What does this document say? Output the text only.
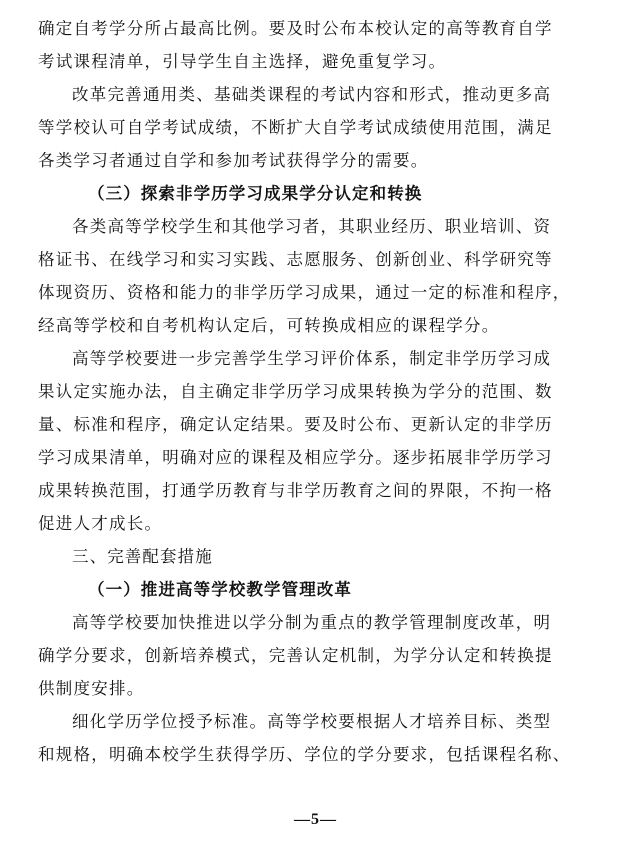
确定自考学分所占最高比例。要及时公布本校认定的高等教育自学
考试课程清单，引导学生自主选择，避免重复学习。
改革完善通用类、基础类课程的考试内容和形式，推动更多高
等学校认可自学考试成绩，不断扩大自学考试成绩使用范围，满足
各类学习者通过自学和参加考试获得学分的需要。
（三）探索非学历学习成果学分认定和转换
各类高等学校学生和其他学习者，其职业经历、职业培训、资
格证书、在线学习和实习实践、志愿服务、创新创业、科学研究等
体现资历、资格和能力的非学历学习成果，通过一定的标准和程序，
经高等学校和自考机构认定后，可转换成相应的课程学分。
高等学校要进一步完善学生学习评价体系，制定非学历学习成
果认定实施办法，自主确定非学历学习成果转换为学分的范围、数
量、标准和程序，确定认定结果。要及时公布、更新认定的非学历
学习成果清单，明确对应的课程及相应学分。逐步拓展非学历学习
成果转换范围，打通学历教育与非学历教育之间的界限，不拘一格
促进人才成长。
三、完善配套措施
（一）推进高等学校教学管理改革
高等学校要加快推进以学分制为重点的教学管理制度改革，明
确学分要求，创新培养模式，完善认定机制，为学分认定和转换提
供制度安排。
细化学历学位授予标准。高等学校要根据人才培养目标、类型
和规格，明确本校学生获得学历、学位的学分要求，包括课程名称、
—5—
